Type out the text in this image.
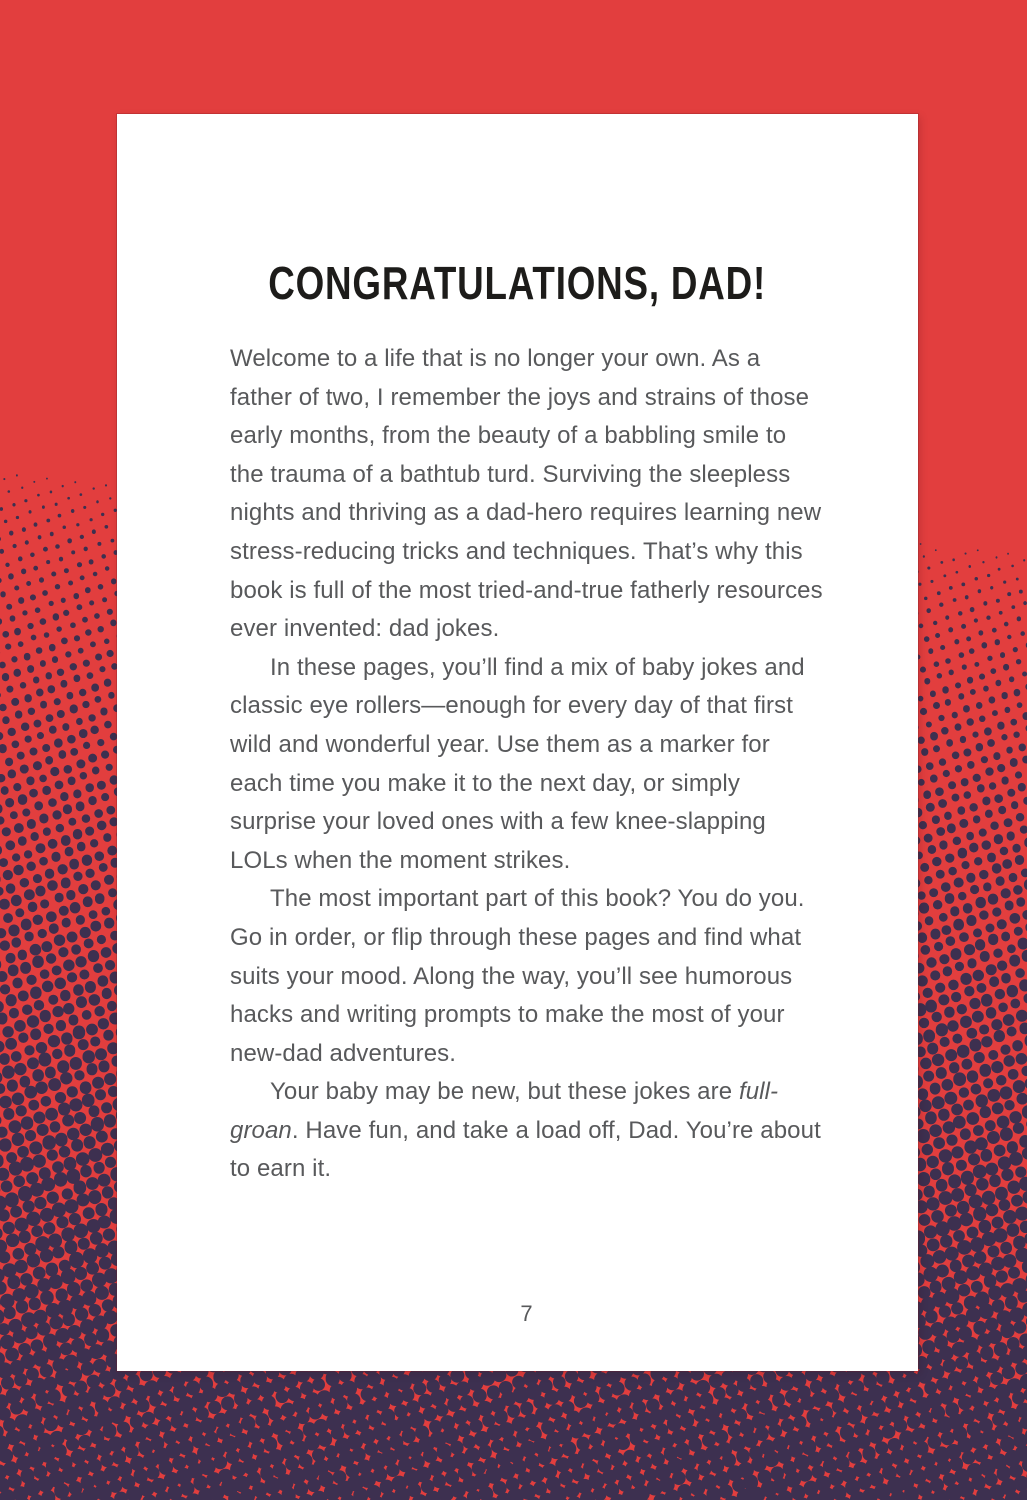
CONGRATULATIONS, DAD!

Welcome to a life that is no longer your own. As a father of two, I remember the joys and strains of those early months, from the beauty of a babbling smile to the trauma of a bathtub turd. Surviving the sleepless nights and thriving as a dad-hero requires learning new stress-reducing tricks and techniques. That’s why this book is full of the most tried-and-true fatherly resources ever invented: dad jokes.

In these pages, you’ll find a mix of baby jokes and classic eye rollers—enough for every day of that first wild and wonderful year. Use them as a marker for each time you make it to the next day, or simply surprise your loved ones with a few knee-slapping LOLs when the moment strikes.

The most important part of this book? You do you. Go in order, or flip through these pages and find what suits your mood. Along the way, you’ll see humorous hacks and writing prompts to make the most of your new-dad adventures.

Your baby may be new, but these jokes are full-groan. Have fun, and take a load off, Dad. You’re about to earn it.

7
